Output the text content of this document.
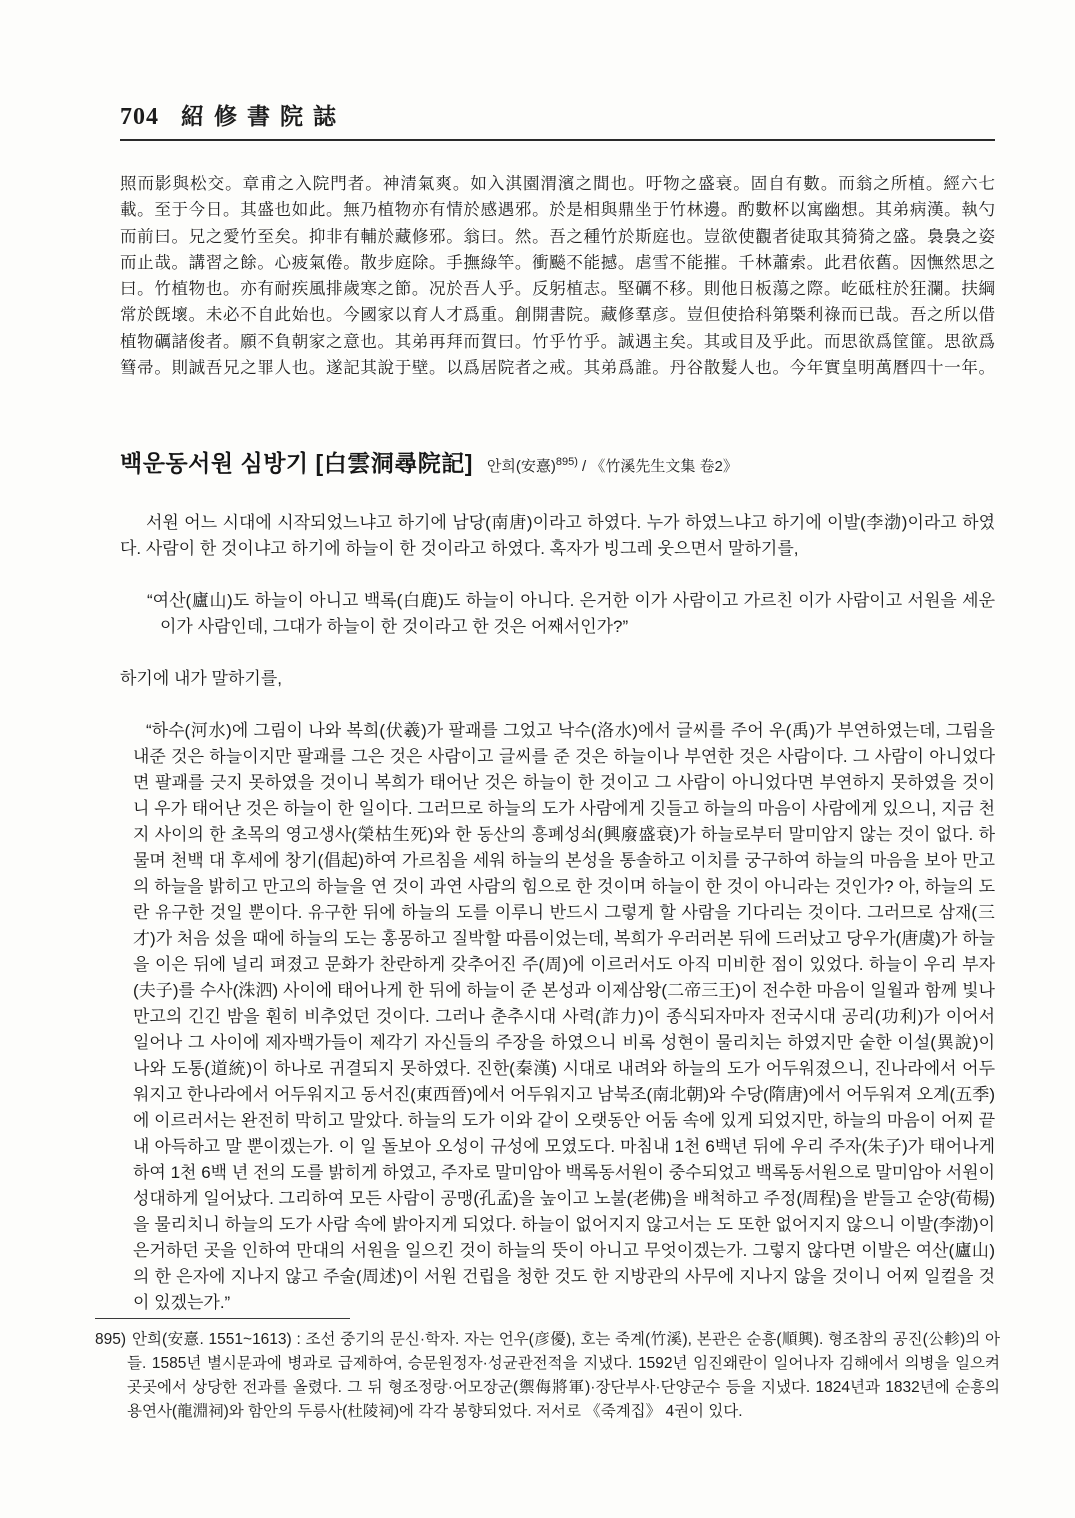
704 紹修書院誌
照而影與松交。章甫之入院門者。神清氣爽。如入淇園渭濱之間也。吁物之盛衰。固自有數。而翁之所植。經六七
載。至于今日。其盛也如此。無乃植物亦有情於感遇邪。於是相與鼎坐于竹林邊。酌數杯以寓幽想。其弟病漢。執勺
而前曰。兄之愛竹至矣。抑非有輔於藏修邪。翁曰。然。吾之種竹於斯庭也。豈欲使觀者徒取其猗猗之盛。裊裊之姿
而止哉。講習之餘。心疲氣倦。散步庭除。手撫綠竿。衝飈不能撼。虐雪不能摧。千林蕭索。此君依舊。因憮然思之
曰。竹植物也。亦有耐疾風排歲寒之節。况於吾人乎。反躬植志。堅礪不移。則他日板蕩之際。屹砥柱於狂瀾。扶綱
常於旣壞。未必不自此始也。今國家以育人才爲重。創開書院。藏修羣彦。豈但使拾科第槩利祿而已哉。吾之所以借
植物礪諸俊者。願不負朝家之意也。其弟再拜而賀曰。竹乎竹乎。誠遇主矣。其或目及乎此。而思欲爲筐篚。思欲爲
篲帚。則誠吾兄之罪人也。遂記其說于壁。以爲居院者之戒。其弟爲誰。丹谷散髮人也。今年實皇明萬曆四十一年。
백운동서원 심방기 [白雲洞尋院記] 안희(安憙)$^{895)}$ / 《竹溪先生文集 卷2》
서원 어느 시대에 시작되었느냐고 하기에 남당(南唐)이라고 하였다. 누가 하였느냐고 하기에 이발(李渤)이라고 하였다. 사람이 한 것이냐고 하기에 하늘이 한 것이라고 하였다. 혹자가 빙그레 웃으면서 말하기를,
“여산(廬山)도 하늘이 아니고 백록(白鹿)도 하늘이 아니다. 은거한 이가 사람이고 가르친 이가 사람이고 서원을 세운 이가 사람인데, 그대가 하늘이 한 것이라고 한 것은 어째서인가?”
하기에 내가 말하기를,
“하수(河水)에 그림이 나와 복희(伏羲)가 팔괘를 그었고 낙수(洛水)에서 글씨를 주어 우(禹)가 부연하였는데, 그림을 내준 것은 하늘이지만 팔괘를 그은 것은 사람이고 글씨를 준 것은 하늘이나 부연한 것은 사람이다. 그 사람이 아니었다면 팔괘를 긋지 못하였을 것이니 복희가 태어난 것은 하늘이 한 것이고 그 사람이 아니었다면 부연하지 못하였을 것이니 우가 태어난 것은 하늘이 한 일이다. 그러므로 하늘의 도가 사람에게 깃들고 하늘의 마음이 사람에게 있으니, 지금 천지 사이의 한 초목의 영고생사(榮枯生死)와 한 동산의 흥폐성쇠(興廢盛衰)가 하늘로부터 말미암지 않는 것이 없다. 하물며 천백 대 후세에 창기(倡起)하여 가르침을 세워 하늘의 본성을 통솔하고 이치를 궁구하여 하늘의 마음을 보아 만고의 하늘을 밝히고 만고의 하늘을 연 것이 과연 사람의 힘으로 한 것이며 하늘이 한 것이 아니라는 것인가? 아, 하늘의 도란 유구한 것일 뿐이다. 유구한 뒤에 하늘의 도를 이루니 반드시 그렇게 할 사람을 기다리는 것이다. 그러므로 삼재(三才)가 처음 섰을 때에 하늘의 도는 홍몽하고 질박할 따름이었는데, 복희가 우러러본 뒤에 드러났고 당우가(唐虞)가 하늘을 이은 뒤에 널리 펴졌고 문화가 찬란하게 갖추어진 주(周)에 이르러서도 아직 미비한 점이 있었다. 하늘이 우리 부자(夫子)를 수사(洙泗) 사이에 태어나게 한 뒤에 하늘이 준 본성과 이제삼왕(二帝三王)이 전수한 마음이 일월과 함께 빛나 만고의 긴긴 밤을 훤히 비추었던 것이다. 그러나 춘추시대 사력(詐力)이 종식되자마자 전국시대 공리(功利)가 이어서 일어나 그 사이에 제자백가들이 제각기 자신들의 주장을 하였으니 비록 성현이 물리치는 하였지만 숱한 이설(異說)이 나와 도통(道統)이 하나로 귀결되지 못하였다. 진한(秦漢) 시대로 내려와 하늘의 도가 어두워졌으니, 진나라에서 어두워지고 한나라에서 어두워지고 동서진(東西晉)에서 어두워지고 남북조(南北朝)와 수당(隋唐)에서 어두워져 오계(五季)에 이르러서는 완전히 막히고 말았다. 하늘의 도가 이와 같이 오랫동안 어둠 속에 있게 되었지만, 하늘의 마음이 어찌 끝내 아득하고 말 뿐이겠는가. 이 일 돌보아 오성이 규성에 모였도다. 마침내 1천 6백년 뒤에 우리 주자(朱子)가 태어나게 하여 1천 6백 년 전의 도를 밝히게 하였고, 주자로 말미암아 백록동서원이 중수되었고 백록동서원으로 말미암아 서원이 성대하게 일어났다. 그리하여 모든 사람이 공맹(孔孟)을 높이고 노불(老佛)을 배척하고 주정(周程)을 받들고 순양(荀楊)을 물리치니 하늘의 도가 사람 속에 밝아지게 되었다. 하늘이 없어지지 않고서는 도 또한 없어지지 않으니 이발(李渤)이 은거하던 곳을 인하여 만대의 서원을 일으킨 것이 하늘의 뜻이 아니고 무엇이겠는가. 그렇지 않다면 이발은 여산(廬山)의 한 은자에 지나지 않고 주술(周述)이 서원 건립을 청한 것도 한 지방관의 사무에 지나지 않을 것이니 어찌 일컬을 것이 있겠는가.”
895) 안희(安憙. 1551~1613) : 조선 중기의 문신·학자. 자는 언우(彦優), 호는 죽계(竹溪), 본관은 순흥(順興). 형조참의 공진(公軫)의 아들. 1585년 별시문과에 병과로 급제하여, 승문원정자·성균관전적을 지냈다. 1592년 임진왜란이 일어나자 김해에서 의병을 일으켜 곳곳에서 상당한 전과를 올렸다. 그 뒤 형조정랑·어모장군(禦侮將軍)·장단부사·단양군수 등을 지냈다. 1824년과 1832년에 순흥의 용연사(龍淵祠)와 함안의 두릉사(杜陵祠)에 각각 봉향되었다. 저서로 《죽계집》 4권이 있다.
